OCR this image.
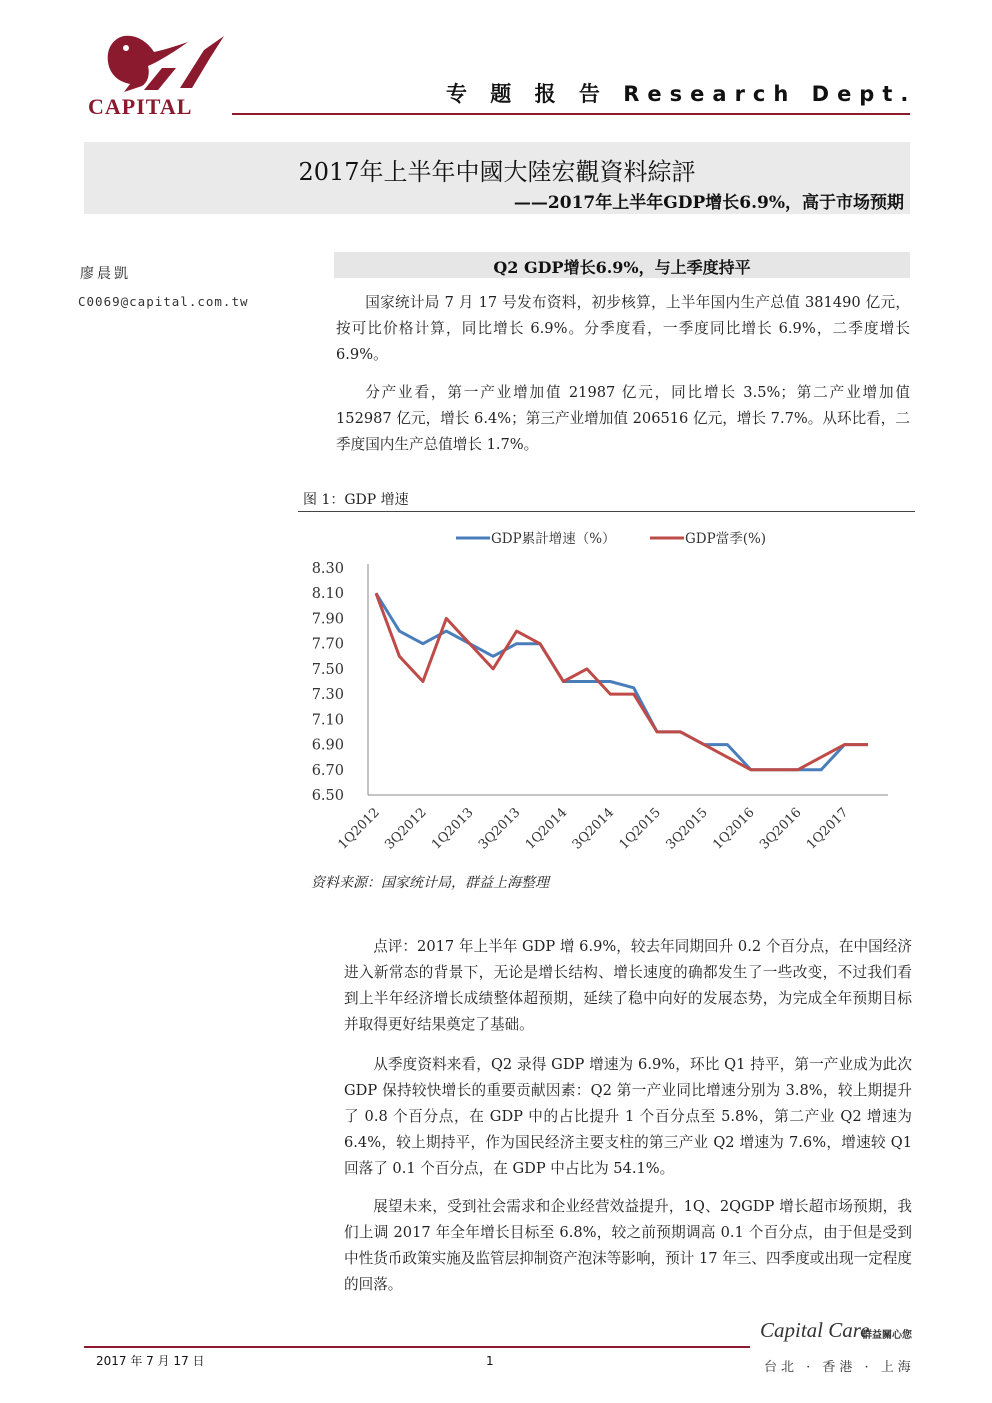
CAPITAL	专 题 报 告 Research Dept.
2017年上半年中國大陸宏觀資料綜評
——2017年上半年GDP增长6.9%，高于市场预期
廖晨凱
C0069@capital.com.tw
Q2 GDP增长6.9%，与上季度持平

国家统计局 7 月 17 号发布资料，初步核算，上半年国内生产总值 381490 亿元，按可比价格计算，同比增长 6.9%。分季度看，一季度同比增长 6.9%，二季度增长 6.9%。

分产业看，第一产业增加值 21987 亿元，同比增长 3.5%；第二产业增加值 152987 亿元，增长 6.4%；第三产业增加值 206516 亿元，增长 7.7%。从环比看，二季度国内生产总值增长 1.7%。

图 1：GDP 增速
8.30
8.10
7.90
7.70
7.50
7.30
7.10
6.90
6.70
6.50
1Q2012 3Q2012 1Q2013 3Q2013 1Q2014 3Q2014 1Q2015 3Q2015 1Q2016 3Q2016 1Q2017
GDP累計增速（%）	GDP當季(%)
资料来源：国家统计局，群益上海整理

点评：2017 年上半年 GDP 增 6.9%，较去年同期回升 0.2 个百分点，在中国经济进入新常态的背景下，无论是增长结构、增长速度的确都发生了一些改变，不过我们看到上半年经济增长成绩整体超预期，延续了稳中向好的发展态势，为完成全年预期目标并取得更好结果奠定了基础。

从季度资料来看，Q2 录得 GDP 增速为 6.9%，环比 Q1 持平，第一产业成为此次 GDP 保持较快增长的重要贡献因素：Q2 第一产业同比增速分别为 3.8%，较上期提升了 0.8 个百分点，在 GDP 中的占比提升 1 个百分点至 5.8%，第二产业 Q2 增速为 6.4%，较上期持平，作为国民经济主要支柱的第三产业 Q2 增速为 7.6%，增速较 Q1 回落了 0.1 个百分点，在 GDP 中占比为 54.1%。

展望未来，受到社会需求和企业经营效益提升，1Q、2QGDP 增长超市场预期，我们上调 2017 年全年增长目标至 6.8%，较之前预期调高 0.1 个百分点，由于但是受到中性货币政策实施及监管层抑制资产泡沫等影响，预计 17 年三、四季度或出现一定程度的回落。

2017 年 7 月 17 日	1
Capital Care
群益關心您
台北 · 香港 · 上海
